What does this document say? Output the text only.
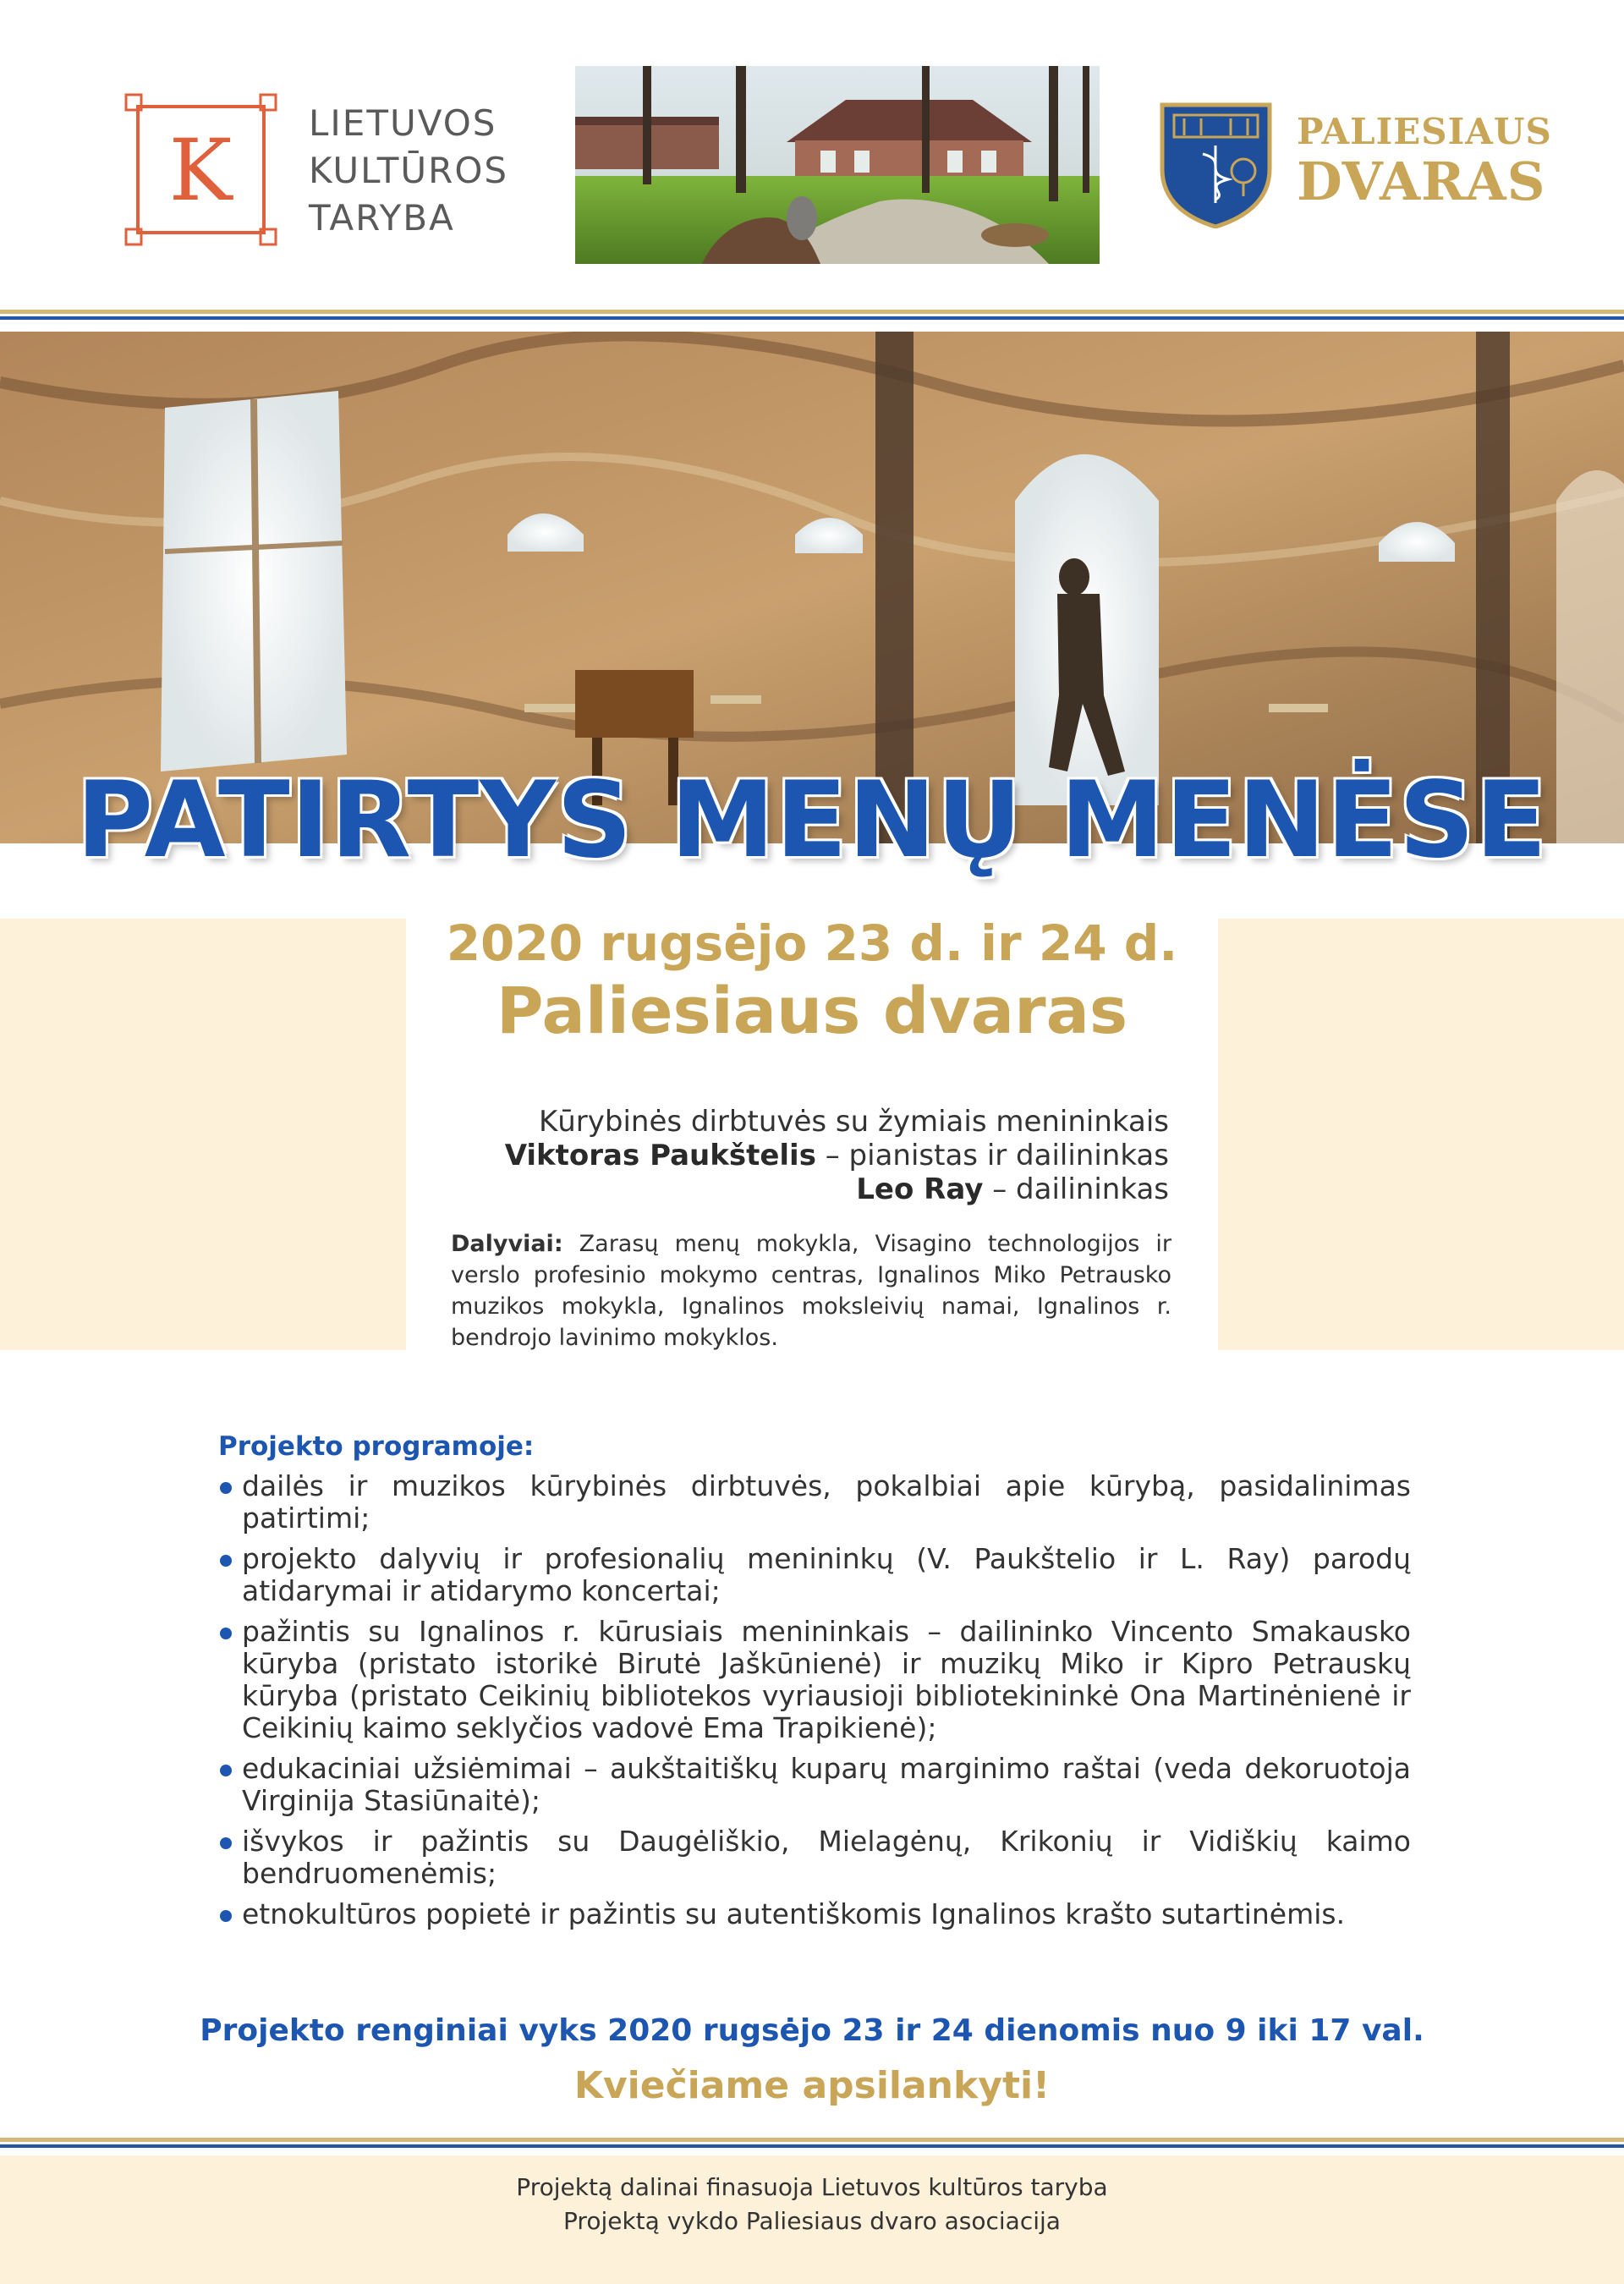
K LIETUVOS
KULTŪROS
TARYBA
PALIESIAUS
DVARAS
PATIRTYS MENŲ MENĖSE
2020 rugsėjo 23 d. ir 24 d.
Paliesiaus dvaras
Kūrybinės dirbtuvės su žymiais menininkais
Viktoras Paukštelis – pianistas ir dailininkas
Leo Ray – dailininkas
Dalyviai: Zarasų menų mokykla, Visagino technologijos ir verslo profesinio mokymo centras, Ignalinos Miko Petrausko muzikos mokykla, Ignalinos moksleivių namai, Ignalinos r. bendrojo lavinimo mokyklos.
Projekto programoje:
dailės ir muzikos kūrybinės dirbtuvės, pokalbiai apie kūrybą, pasidalinimas patirtimi;
projekto dalyvių ir profesionalių menininkų (V. Paukštelio ir L. Ray) parodų atidarymai ir atidarymo koncertai;
pažintis su Ignalinos r. kūrusiais menininkais – dailininko Vincento Smakausko kūryba (pristato istorikė Birutė Jaškūnienė) ir muzikų Miko ir Kipro Petrauskų kūryba (pristato Ceikinių bibliotekos vyriausioji bibliotekininkė Ona Martinėnienė ir Ceikinių kaimo seklyčios vadovė Ema Trapikienė);
edukaciniai užsiėmimai – aukštaitiškų kuparų marginimo raštai (veda dekoruotoja Virginija Stasiūnaitė);
išvykos ir pažintis su Daugėliškio, Mielagėnų, Krikonių ir Vidiškių kaimo bendruomenėmis;
etnokultūros popietė ir pažintis su autentiškomis Ignalinos krašto sutartinėmis.
Projekto renginiai vyks 2020 rugsėjo 23 ir 24 dienomis nuo 9 iki 17 val.
Kviečiame apsilankyti!
Projektą dalinai finasuoja Lietuvos kultūros taryba
Projektą vykdo Paliesiaus dvaro asociacija
